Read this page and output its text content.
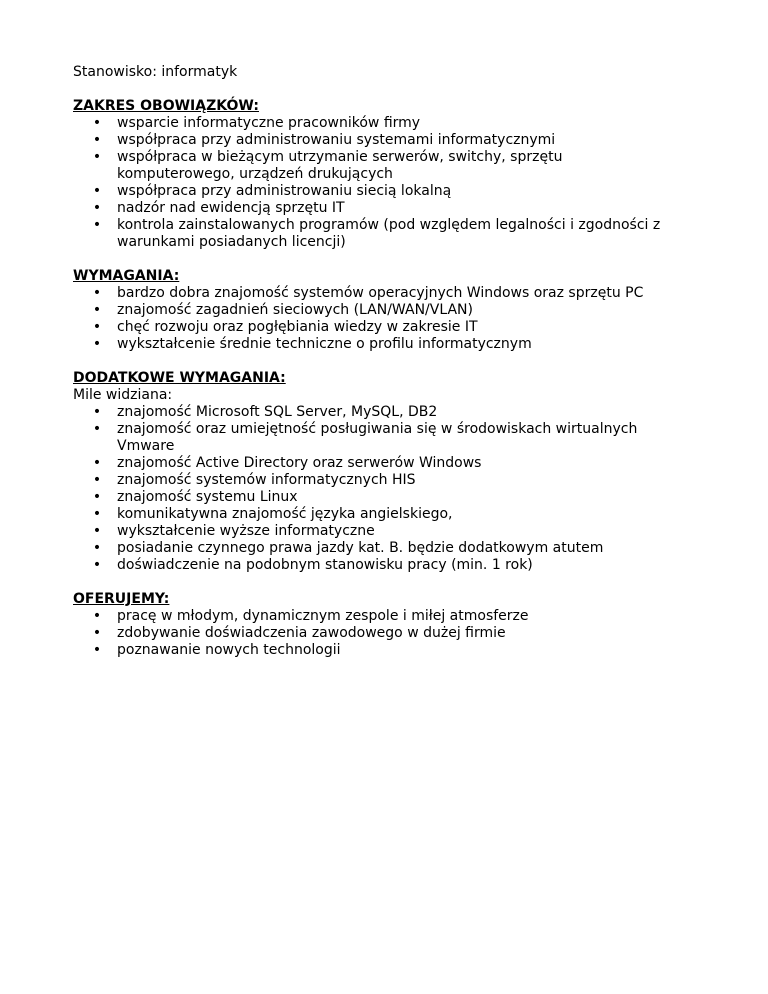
Stanowisko: informatyk

ZAKRES OBOWIĄZKÓW:

• wsparcie informatyczne pracowników firmy
• współpraca przy administrowaniu systemami informatycznymi
• współpraca w bieżącym utrzymanie serwerów, switchy, sprzętu komputerowego, urządzeń drukujących
• współpraca przy administrowaniu siecią lokalną
• nadzór nad ewidencją sprzętu IT
• kontrola zainstalowanych programów (pod względem legalności i zgodności z warunkami posiadanych licencji)

WYMAGANIA:

• bardzo dobra znajomość systemów operacyjnych Windows oraz sprzętu PC
• znajomość zagadnień sieciowych (LAN/WAN/VLAN)
• chęć rozwoju oraz pogłębiania wiedzy w zakresie IT
• wykształcenie średnie techniczne o profilu informatycznym

DODATKOWE WYMAGANIA:

Mile widziana:

• znajomość Microsoft SQL Server, MySQL, DB2
• znajomość oraz umiejętność posługiwania się w środowiskach wirtualnych Vmware
• znajomość Active Directory oraz serwerów Windows
• znajomość systemów informatycznych HIS
• znajomość systemu Linux
• komunikatywna znajomość języka angielskiego,
• wykształcenie wyższe informatyczne
• posiadanie czynnego prawa jazdy kat. B. będzie dodatkowym atutem
• doświadczenie na podobnym stanowisku pracy (min. 1 rok)

OFERUJEMY:

• pracę w młodym, dynamicznym zespole i miłej atmosferze
• zdobywanie doświadczenia zawodowego w dużej firmie
• poznawanie nowych technologii
